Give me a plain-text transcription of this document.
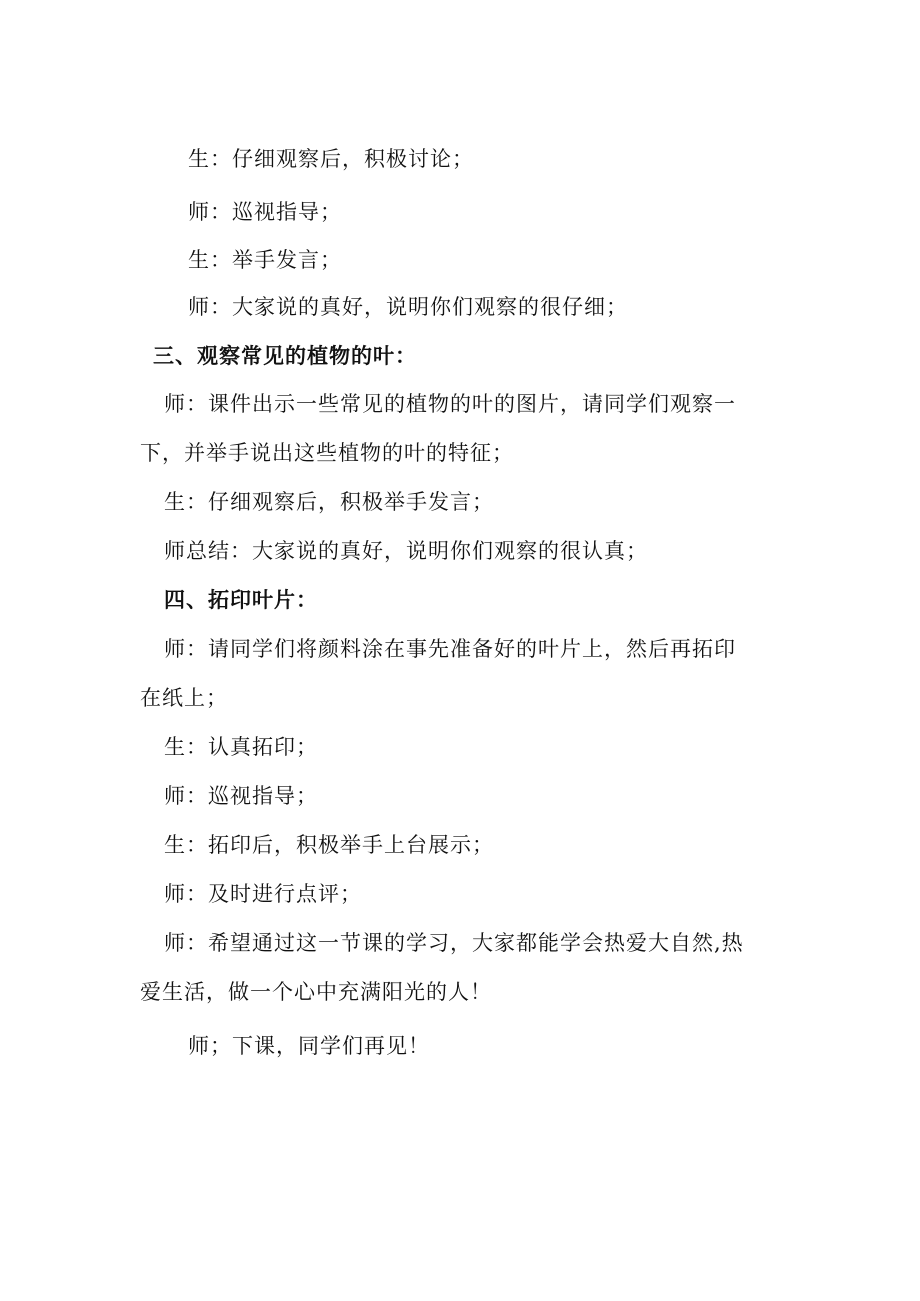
生：仔细观察后，积极讨论；
师：巡视指导；
生：举手发言；
师：大家说的真好，说明你们观察的很仔细；
三、观察常见的植物的叶：
师：课件出示一些常见的植物的叶的图片，请同学们观察一
下，并举手说出这些植物的叶的特征；
生：仔细观察后，积极举手发言；
师总结：大家说的真好，说明你们观察的很认真；
四、拓印叶片：
师：请同学们将颜料涂在事先准备好的叶片上，然后再拓印
在纸上；
生：认真拓印；
师：巡视指导；
生：拓印后，积极举手上台展示；
师：及时进行点评；
师：希望通过这一节课的学习，大家都能学会热爱大自然,热
爱生活，做一个心中充满阳光的人！
师；下课，同学们再见！
